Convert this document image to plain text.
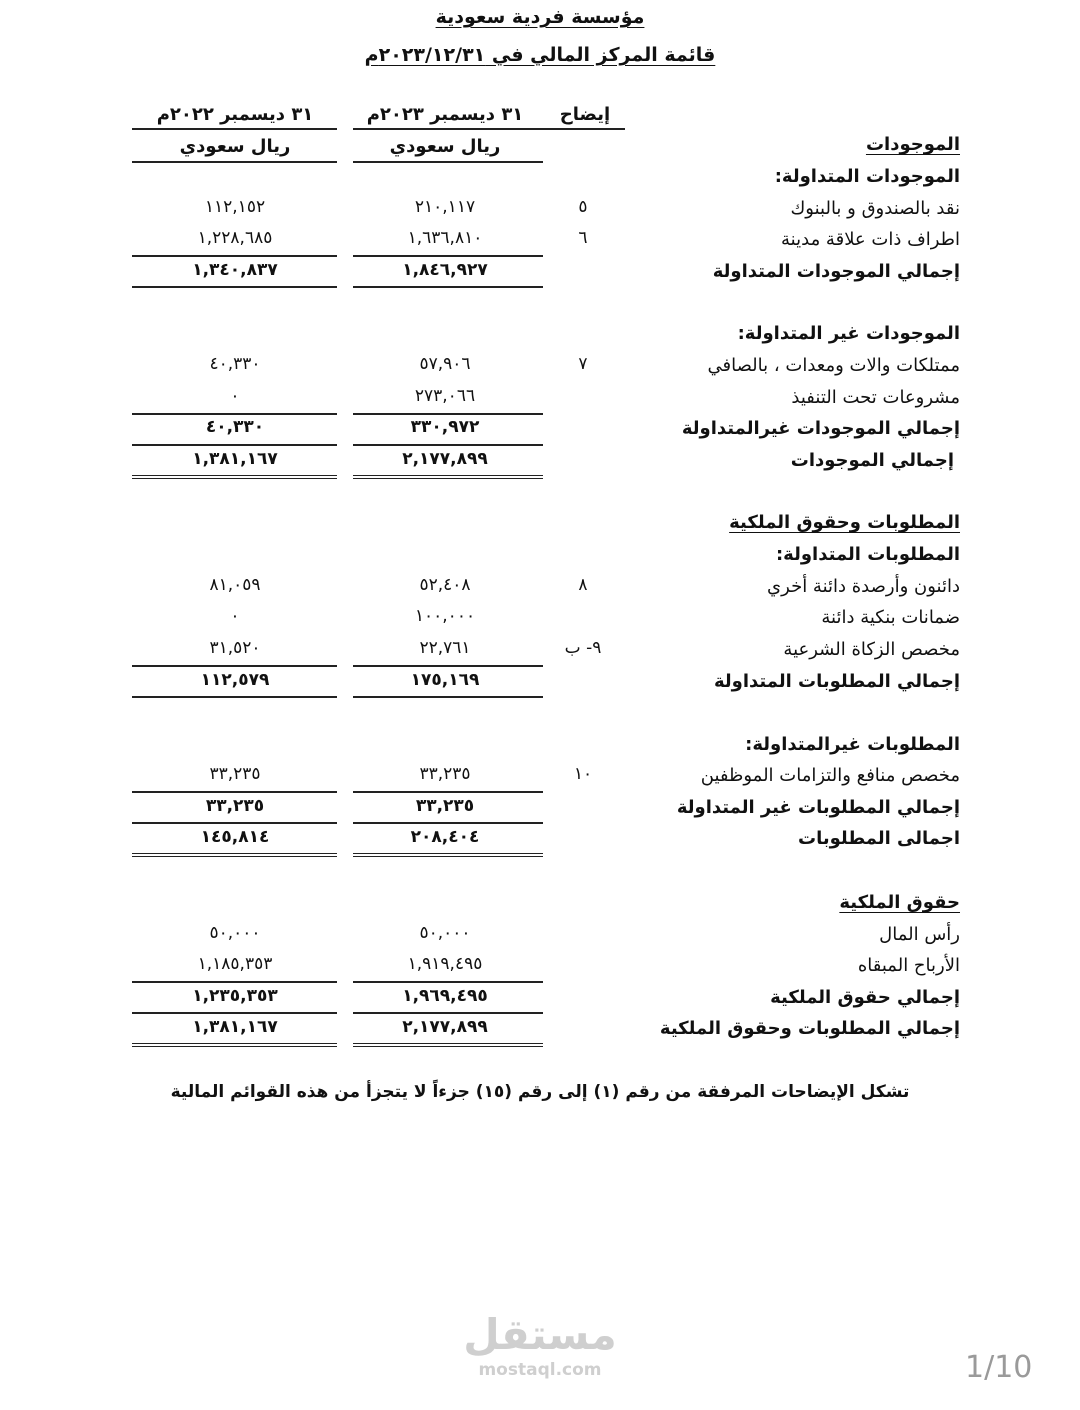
مؤسسة فردية سعودية
قائمة المركز المالي في ٢٠٢٣/١٢/٣١م
إيضاح
٣١ ديسمبر ٢٠٢٣م
٣١ ديسمبر ٢٠٢٢م
ريال سعودي
ريال سعودي	الموجودات
الموجودات المتداولة:
نقد بالصندوق و بالبنوك
٥
٢١٠,١١٧
١١٢,١٥٢
اطراف ذات علاقة مدينة
٦
١,٦٣٦,٨١٠
١,٢٢٨,٦٨٥
إجمالي الموجودات المتداولة
١,٨٤٦,٩٢٧
١,٣٤٠,٨٣٧
الموجودات غير المتداولة:
ممتلكات والات ومعدات ، بالصافي
٧
٥٧,٩٠٦
٤٠,٣٣٠
مشروعات تحت التنفيذ
٢٧٣,٠٦٦
٠
إجمالي الموجودات غيرالمتداولة
٣٣٠,٩٧٢
٤٠,٣٣٠
إجمالي الموجودات
٢,١٧٧,٨٩٩
١,٣٨١,١٦٧
المطلوبات وحقوق الملكية
المطلوبات المتداولة:
دائنون وأرصدة دائنة أخري
٨
٥٢,٤٠٨
٨١,٠٥٩
ضمانات بنكية دائنة
١٠٠,٠٠٠
٠
مخصص الزكاة الشرعية
٩- ب
٢٢,٧٦١
٣١,٥٢٠
إجمالي المطلوبات المتداولة
١٧٥,١٦٩
١١٢,٥٧٩
المطلوبات غيرالمتداولة:
مخصص منافع والتزامات الموظفين
١٠
٣٣,٢٣٥
٣٣,٢٣٥
إجمالي المطلوبات غير المتداولة
٣٣,٢٣٥
٣٣,٢٣٥
اجمالى المطلوبات
٢٠٨,٤٠٤
١٤٥,٨١٤
حقوق الملكية
رأس المال
٥٠,٠٠٠
٥٠,٠٠٠
الأرباح المبقاه
١,٩١٩,٤٩٥
١,١٨٥,٣٥٣
إجمالي حقوق الملكية
١,٩٦٩,٤٩٥
١,٢٣٥,٣٥٣
إجمالي المطلوبات وحقوق الملكية
٢,١٧٧,٨٩٩
١,٣٨١,١٦٧
تشكل الإيضاحات المرفقة من رقم (١) إلى رقم (١٥) جزءاً لا يتجزأ من هذه القوائم المالية
مستقل
mostaql.com	1/10
